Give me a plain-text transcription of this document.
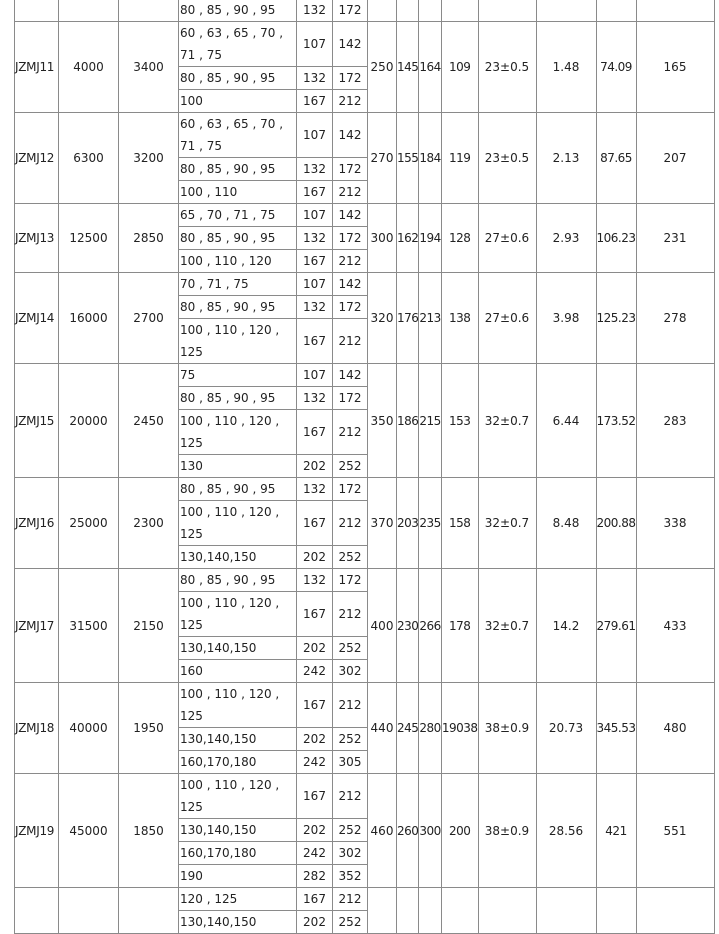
			80 , 85 , 90 , 95	132	172								
JZMJ11	4000	3400	60 , 63 , 65 , 70 , 71 , 75	107	142	250	145	164	109	23±0.5	1.48	74.09	165
			80 , 85 , 90 , 95	132	172								
			100	167	212								
JZMJ12	6300	3200	60 , 63 , 65 , 70 , 71 , 75	107	142	270	155	184	119	23±0.5	2.13	87.65	207
			80 , 85 , 90 , 95	132	172								
			100 , 110	167	212								
JZMJ13	12500	2850	65 , 70 , 71 , 75	107	142	300	162	194	128	27±0.6	2.93	106.23	231
			80 , 85 , 90 , 95	132	172								
			100 , 110 , 120	167	212								
JZMJ14	16000	2700	70 , 71 , 75	107	142	320	176	213	138	27±0.6	3.98	125.23	278
			80 , 85 , 90 , 95	132	172								
			100 , 110 , 120 , 125	167	212								
JZMJ15	20000	2450	75	107	142	350	186	215	153	32±0.7	6.44	173.52	283
			80 , 85 , 90 , 95	132	172								
			100 , 110 , 120 , 125	167	212								
			130	202	252								
JZMJ16	25000	2300	80 , 85 , 90 , 95	132	172	370	203	235	158	32±0.7	8.48	200.88	338
			100 , 110 , 120 , 125	167	212								
			130,140,150	202	252								
JZMJ17	31500	2150	80 , 85 , 90 , 95	132	172	400	230	266	178	32±0.7	14.2	279.61	433
			100 , 110 , 120 , 125	167	212								
			130,140,150	202	252								
			160	242	302								
JZMJ18	40000	1950	100 , 110 , 120 , 125	167	212	440	245	280	19038	38±0.9	20.73	345.53	480
			130,140,150	202	252								
			160,170,180	242	305								
JZMJ19	45000	1850	100 , 110 , 120 , 125	167	212	460	260	300	200	38±0.9	28.56	421	551
			130,140,150	202	252								
			160,170,180	242	302								
			190	282	352								
			120 , 125	167	212								
			130,140,150	202	252								
